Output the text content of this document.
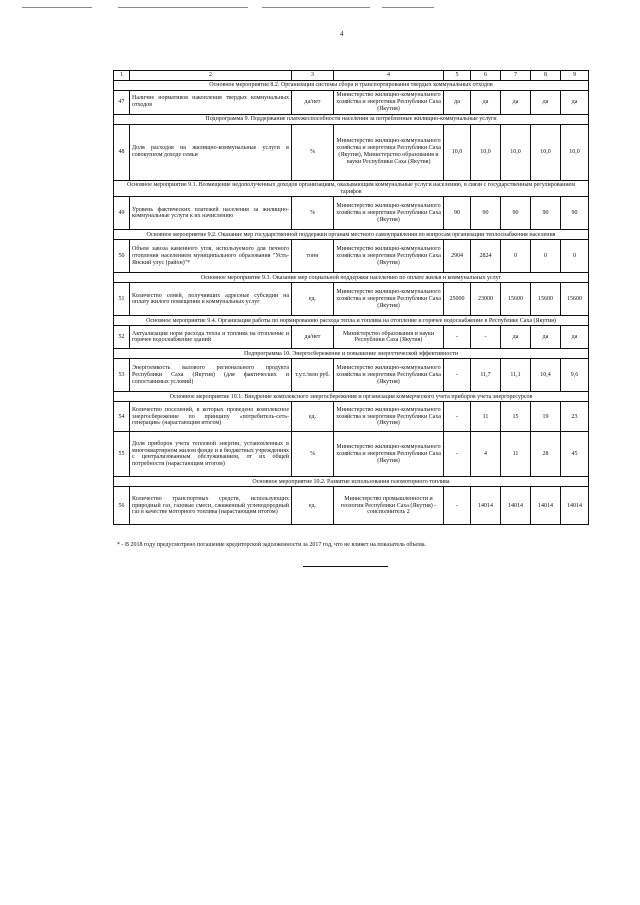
4
1	2	3	4	5	6	7	8	9
Основное мероприятие 8.2. Организация системы сбора и транспортирования твердых коммунальных отходов								
47	Наличие нормативов накопления твердых коммунальных отходов	да/нет	Министерство жилищно-коммунального хозяйства и энергетики Республики Саха (Якутия)	да	да	да	да	да
Подпрограмма 9. Поддержание платежеспособности населения за потребленные жилищно-коммунальные услуги								
48	Доля расходов на жилищно-коммунальные услуги в совокупном доходе семьи	%	Министерство жилищно-коммунального хозяйства и энергетики Республики Саха (Якутия), Министерство образования и науки Республики Саха (Якутия)	10,0	10,0	10,0	10,0	10,0
Основное мероприятие 9.1. Возмещение недополученных доходов организациям, оказывающим коммунальные услуги населению, в связи с государственным регулированием тарифов								
49	Уровень фактических платежей населения за жилищно-коммунальные услуги к их начислению	%	Министерство жилищно-коммунального хозяйства и энергетики Республики Саха (Якутия)	90	90	90	90	90
Основное мероприятие 9.2. Оказание мер государственной поддержки органам местного самоуправления по вопросам организации теплоснабжения населения								
50	Объем завоза каменного угля, используемого для печного отопления населением муниципального образования "Усть-Янский улус (район)"*	тонн	Министерство жилищно-коммунального хозяйства и энергетики Республики Саха (Якутия)	2904	2824	0	0	0
Основное мероприятие 9.3. Оказание мер социальной поддержки населению по оплате жилья и коммунальных услуг								
51	Количество семей, получивших адресные субсидии на оплату жилого помещения и коммунальных услуг	ед.	Министерство жилищно-коммунального хозяйства и энергетики Республики Саха (Якутия)	25000	23000	15600	15600	15600
Основное мероприятие 9.4. Организация работы по нормированию расхода тепла и топлива на отопление и горячее водоснабжение в Республике Саха (Якутия)								
52	Актуализация норм расхода тепла и топлива на отопление и горячее водоснабжение зданий	да/нет	Министерство образования и науки Республики Саха (Якутия)	-	-	да	да	да
Подпрограмма 10. Энергосбережение и повышение энергетической эффективности								
53	Энергоемкость валового регионального продукта Республики Саха (Якутия) (для фактических и сопоставимых условий)	т.у.т./млн руб.	Министерство жилищно-коммунального хозяйства и энергетики Республики Саха (Якутия)	-	11,7	11,1	10,4	9,6
Основное мероприятие 10.1. Внедрение комплексного энергосбережения и организация коммерческого учета приборов учета энергоресурсов								
54	Количество поселений, в которых проведено комплексное энергосбережение по принципу «потребитель-сеть-генерация» (нарастающим итогом)	ед.	Министерство жилищно-коммунального хозяйства и энергетики Республики Саха (Якутия)	-	11	15	19	23
55	Доля приборов учета тепловой энергии, установленных в многоквартирном жилом фонде и в бюджетных учреждениях с централизованным обслуживанием, от их общей потребности (нарастающим итогом)	%	Министерство жилищно-коммунального хозяйства и энергетики Республики Саха (Якутия)	-	4	11	28	45
Основное мероприятие 10.2. Развитие использования газомоторного топлива								
56	Количество транспортных средств, использующих природный газ, газовые смеси, сжиженный углеводородный газ в качестве моторного топлива (нарастающим итогом)	ед.	Министерство промышленности и геологии Республики Саха (Якутия) - соисполнитель 2	-	14014	14014	14014	14014
* - В 2018 году предусмотрено погашение кредиторской задолженности за 2017 год, что не влияет на показатель объема.
